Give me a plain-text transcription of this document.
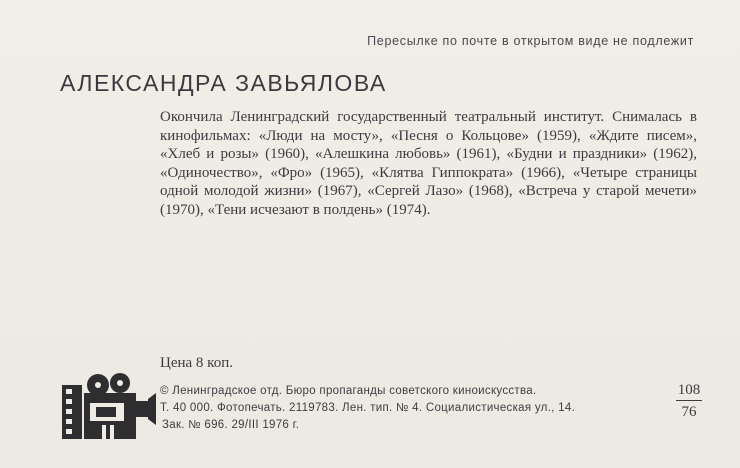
Пересылке по почте в открытом виде не подлежит
АЛЕКСАНДРА ЗАВЬЯЛОВА
Окончила Ленинградский государственный театральный институт. Снималась в кинофильмах: «Люди на мосту», «Песня о Кольцове» (1959), «Ждите писем», «Хлеб и розы» (1960), «Алешкина любовь» (1961), «Будни и праздники» (1962), «Одиночество», «Фро» (1965), «Клятва Гиппократа» (1966), «Четыре страницы одной молодой жизни» (1967), «Сергей Лазо» (1968), «Встреча у старой мечети» (1970), «Тени исчезают в полдень» (1974).
Цена 8 коп.
© Ленинградское отд. Бюро пропаганды советского киноискусства.
Т. 40 000. Фотопечать. 2119783. Лен. тип. № 4. Социалистическая ул., 14.
Зак. № 696. 29/III 1976 г.
108
76
